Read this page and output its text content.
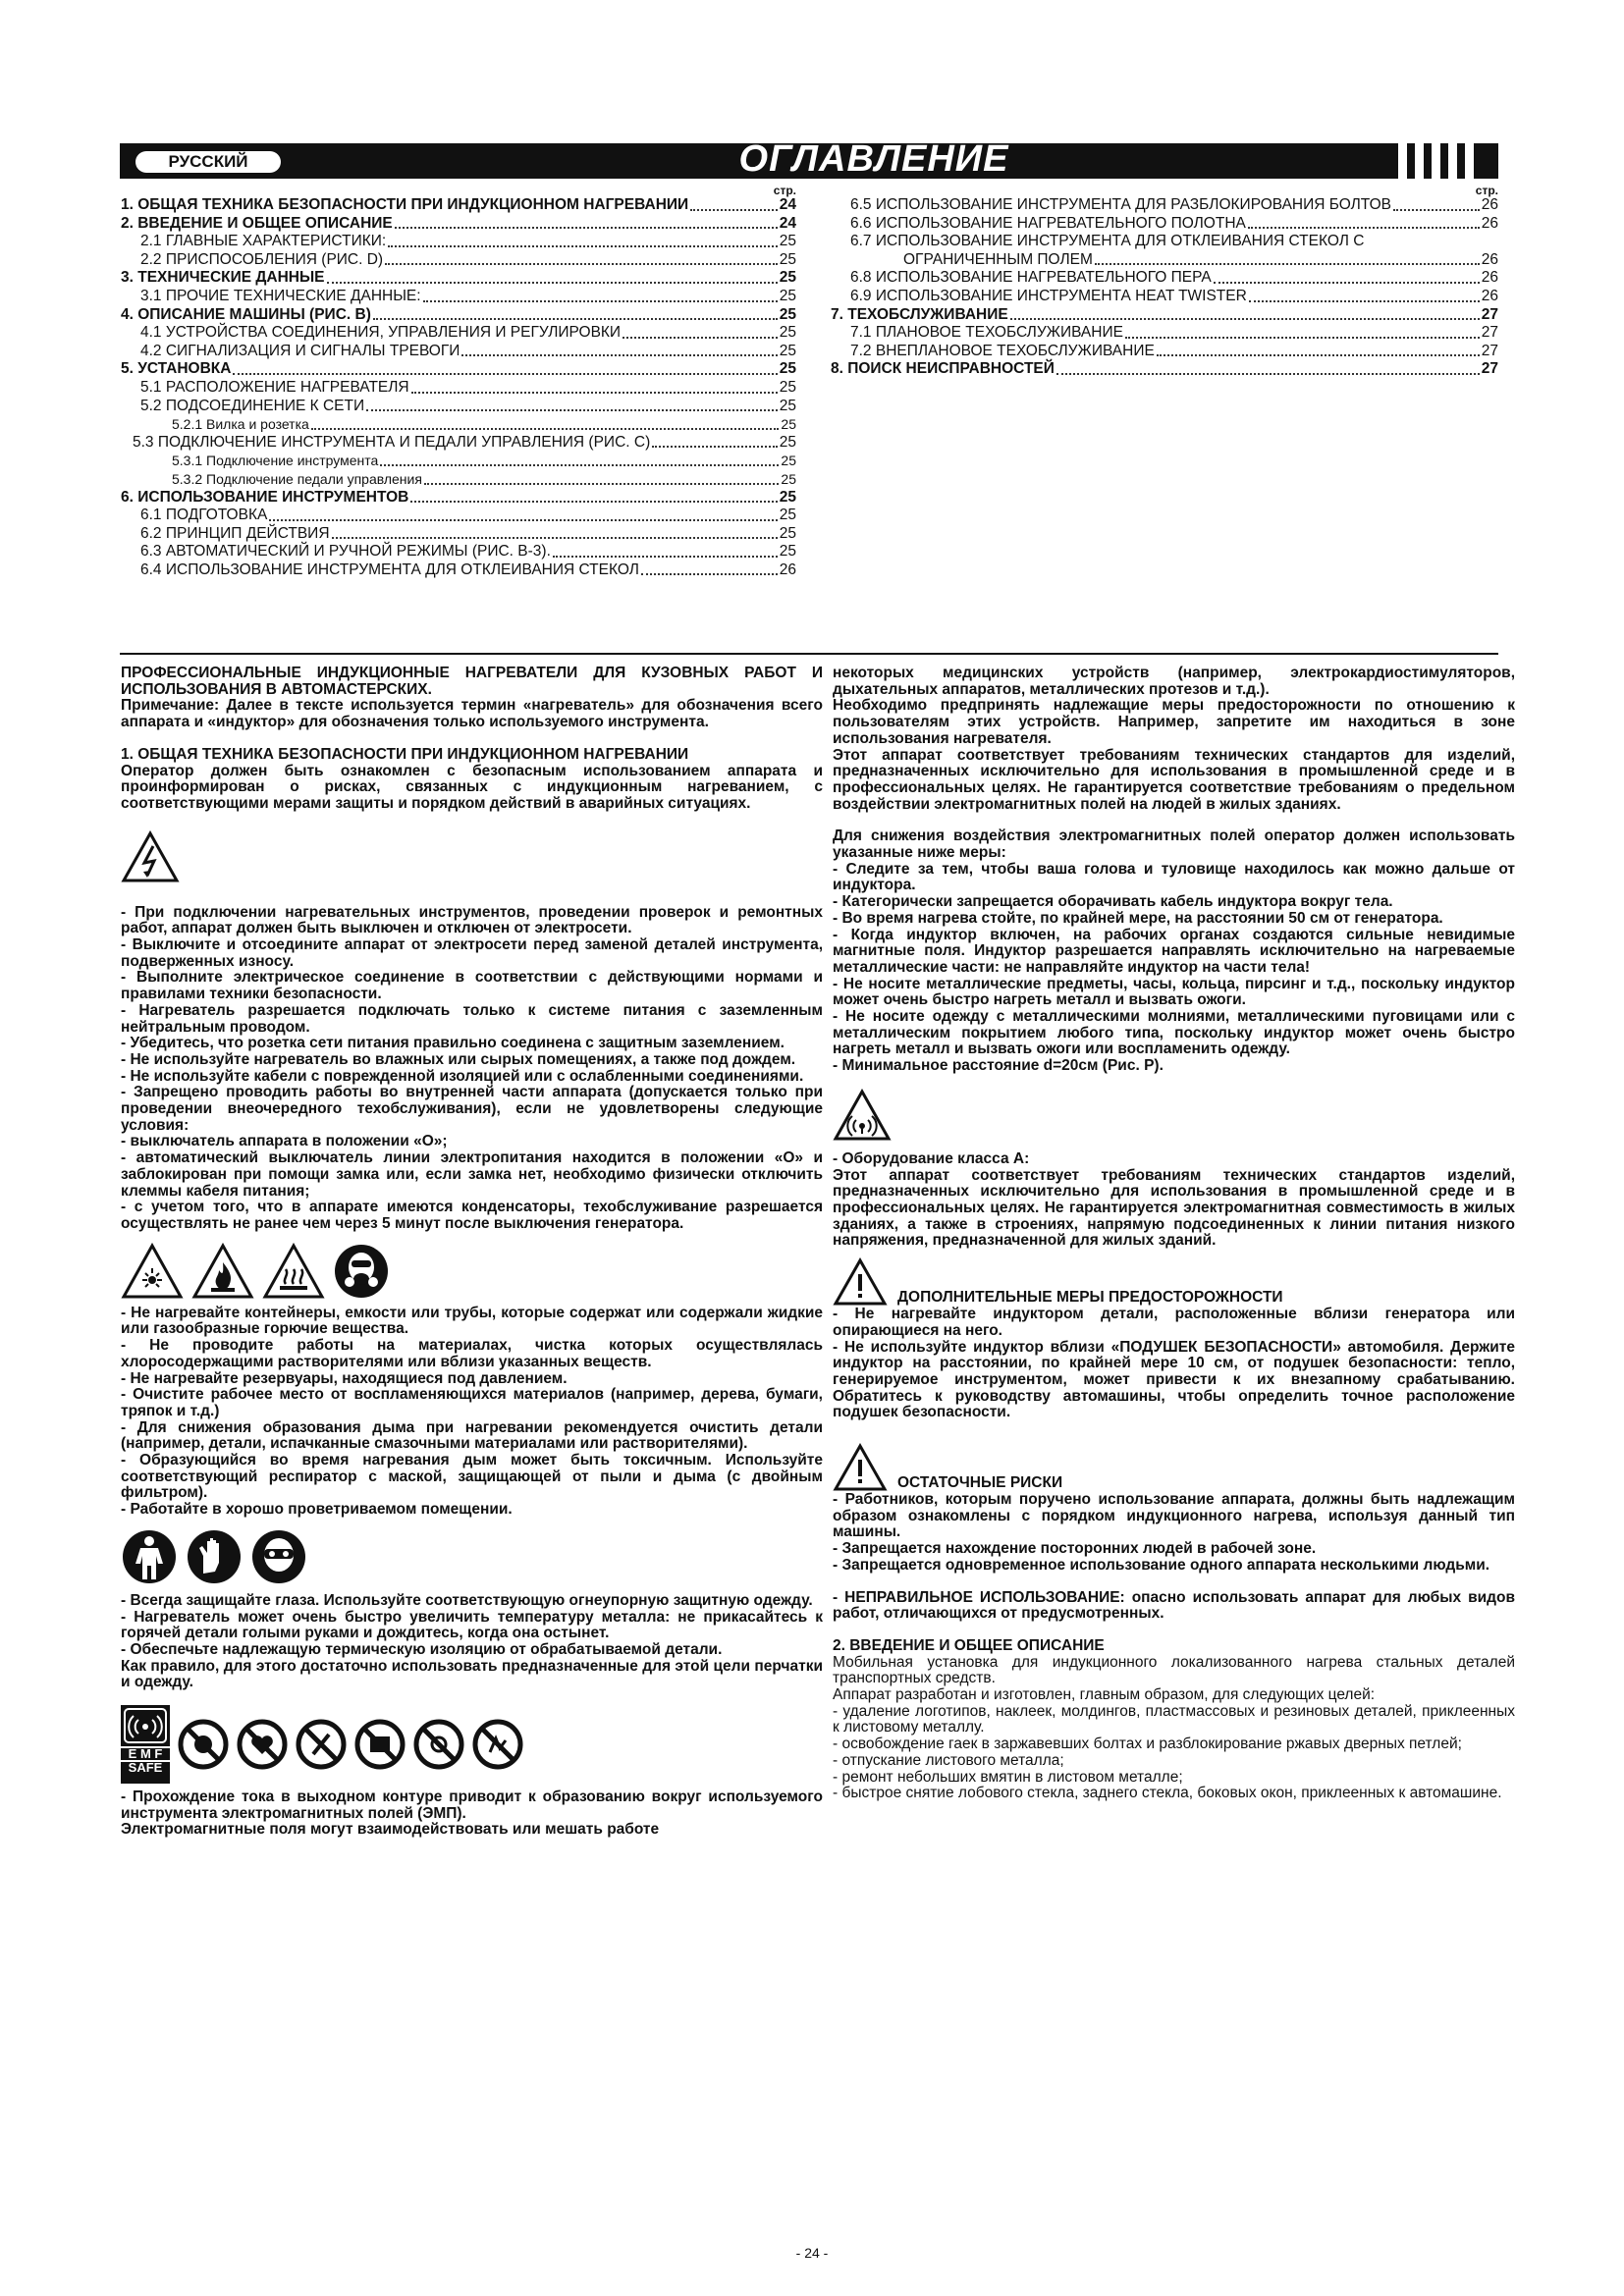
РУССКИЙ	ОГЛАВЛЕНИЕ
стр.
1. ОБЩАЯ ТЕХНИКА БЕЗОПАСНОСТИ ПРИ ИНДУКЦИОННОМ НАГРЕВАНИИ	24
2. ВВЕДЕНИЕ И ОБЩЕЕ ОПИСАНИЕ	24
2.1 ГЛАВНЫЕ ХАРАКТЕРИСТИКИ:	25
2.2 ПРИСПОСОБЛЕНИЯ (РИС. D)	25
3. ТЕХНИЧЕСКИЕ ДАННЫЕ	25
3.1 ПРОЧИЕ ТЕХНИЧЕСКИЕ ДАННЫЕ:	25
4. ОПИСАНИЕ МАШИНЫ (РИС. B)	25
4.1 УСТРОЙСТВА СОЕДИНЕНИЯ, УПРАВЛЕНИЯ И РЕГУЛИРОВКИ	25
4.2 СИГНАЛИЗАЦИЯ И СИГНАЛЫ ТРЕВОГИ	25
5. УСТАНОВКА	25
5.1 РАСПОЛОЖЕНИЕ НАГРЕВАТЕЛЯ	25
5.2 ПОДСОЕДИНЕНИЕ К СЕТИ	25
5.2.1 Вилка и розетка	25
5.3 ПОДКЛЮЧЕНИЕ ИНСТРУМЕНТА И ПЕДАЛИ УПРАВЛЕНИЯ (РИС. C)	25
5.3.1 Подключение инструмента	25
5.3.2 Подключение педали управления	25
6. ИСПОЛЬЗОВАНИЕ ИНСТРУМЕНТОВ	25
6.1 ПОДГОТОВКА	25
6.2 ПРИНЦИП ДЕЙСТВИЯ	25
6.3 АВТОМАТИЧЕСКИЙ И РУЧНОЙ РЕЖИМЫ (РИС. B-3).	25
6.4 ИСПОЛЬЗОВАНИЕ ИНСТРУМЕНТА ДЛЯ ОТКЛЕИВАНИЯ СТЕКОЛ	26
стр.
6.5 ИСПОЛЬЗОВАНИЕ ИНСТРУМЕНТА ДЛЯ РАЗБЛОКИРОВАНИЯ БОЛТОВ	26
6.6 ИСПОЛЬЗОВАНИЕ НАГРЕВАТЕЛЬНОГО ПОЛОТНА	26
6.7 ИСПОЛЬЗОВАНИЕ ИНСТРУМЕНТА ДЛЯ ОТКЛЕИВАНИЯ СТЕКОЛ С
ОГРАНИЧЕННЫМ ПОЛЕМ	26
6.8 ИСПОЛЬЗОВАНИЕ НАГРЕВАТЕЛЬНОГО ПЕРА	26
6.9 ИСПОЛЬЗОВАНИЕ ИНСТРУМЕНТА HEAT TWISTER	26
7. ТЕХОБСЛУЖИВАНИЕ	27
7.1 ПЛАНОВОЕ ТЕХОБСЛУЖИВАНИЕ	27
7.2 ВНЕПЛАНОВОЕ ТЕХОБСЛУЖИВАНИЕ	27
8. ПОИСК НЕИСПРАВНОСТЕЙ	27

ПРОФЕССИОНАЛЬНЫЕ ИНДУКЦИОННЫЕ НАГРЕВАТЕЛИ ДЛЯ КУЗОВНЫХ РАБОТ И ИСПОЛЬЗОВАНИЯ В АВТОМАСТЕРСКИХ.

Примечание: Далее в тексте используется термин «нагреватель» для обозначения всего аппарата и «индуктор» для обозначения только используемого инструмента.

1. ОБЩАЯ ТЕХНИКА БЕЗОПАСНОСТИ ПРИ ИНДУКЦИОННОМ НАГРЕВАНИИ

Оператор должен быть ознакомлен с безопасным использованием аппарата и проинформирован о рисках, связанных с индукционным нагреванием, с соответствующими мерами защиты и порядком действий в аварийных ситуациях.

- При подключении нагревательных инструментов, проведении проверок и ремонтных работ, аппарат должен быть выключен и отключен от электросети.

- Выключите и отсоедините аппарат от электросети перед заменой деталей инструмента, подверженных износу.

- Выполните электрическое соединение в соответствии с действующими нормами и правилами техники безопасности.

- Нагреватель разрешается подключать только к системе питания с заземленным нейтральным проводом.

- Убедитесь, что розетка сети питания правильно соединена с защитным заземлением.

- Не используйте нагреватель во влажных или сырых помещениях, а также под дождем.

- Не используйте кабели с поврежденной изоляцией или с ослабленными соединениями.

- Запрещено проводить работы во внутренней части аппарата (допускается только при проведении внеочередного техобслуживания), если не удовлетворены следующие условия:

- выключатель аппарата в положении «О»;

- автоматический выключатель линии электропитания находится в положении «О» и заблокирован при помощи замка или, если замка нет, необходимо физически отключить клеммы кабеля питания;

- с учетом того, что в аппарате имеются конденсаторы, техобслуживание разрешается осуществлять не ранее чем через 5 минут после выключения генератора.

- Не нагревайте контейнеры, емкости или трубы, которые содержат или содержали жидкие или газообразные горючие вещества.

- Не проводите работы на материалах, чистка которых осуществлялась хлоросодержащими растворителями или вблизи указанных веществ.

- Не нагревайте резервуары, находящиеся под давлением.

- Очистите рабочее место от воспламеняющихся материалов (например, дерева, бумаги, тряпок и т.д.)

- Для снижения образования дыма при нагревании рекомендуется очистить детали (например, детали, испачканные смазочными материалами или растворителями).

- Образующийся во время нагревания дым может быть токсичным. Используйте соответствующий респиратор с маской, защищающей от пыли и дыма (с двойным фильтром).

- Работайте в хорошо проветриваемом помещении.

- Всегда защищайте глаза. Используйте соответствующую огнеупорную защитную одежду.

- Нагреватель может очень быстро увеличить температуру металла: не прикасайтесь к горячей детали голыми руками и дождитесь, когда она остынет.

- Обеспечьте надлежащую термическую изоляцию от обрабатываемой детали.

Как правило, для этого достаточно использовать предназначенные для этой цели перчатки и одежду.

E M F
SAFE

- Прохождение тока в выходном контуре приводит к образованию вокруг используемого инструмента электромагнитных полей (ЭМП).

Электромагнитные поля могут взаимодействовать или мешать работе

некоторых медицинских устройств (например, электрокардиостимуляторов, дыхательных аппаратов, металлических протезов и т.д.).

Необходимо предпринять надлежащие меры предосторожности по отношению к пользователям этих устройств. Например, запретите им находиться в зоне использования нагревателя.

Этот аппарат соответствует требованиям технических стандартов для изделий, предназначенных исключительно для использования в промышленной среде и в профессиональных целях. Не гарантируется соответствие требованиям о предельном воздействии электромагнитных полей на людей в жилых зданиях.

Для снижения воздействия электромагнитных полей оператор должен использовать указанные ниже меры:

- Следите за тем, чтобы ваша голова и туловище находилось как можно дальше от индуктора.

- Категорически запрещается оборачивать кабель индуктора вокруг тела.

- Во время нагрева стойте, по крайней мере, на расстоянии 50 см от генератора.

- Когда индуктор включен, на рабочих органах создаются сильные невидимые магнитные поля. Индуктор разрешается направлять исключительно на нагреваемые металлические части: не направляйте индуктор на части тела!

- Не носите металлические предметы, часы, кольца, пирсинг и т.д., поскольку индуктор может очень быстро нагреть металл и вызвать ожоги.

- Не носите одежду с металлическими молниями, металлическими пуговицами или с металлическим покрытием любого типа, поскольку индуктор может очень быстро нагреть металл и вызвать ожоги или воспламенить одежду.

- Минимальное расстояние d=20см (Рис. P).

- Оборудование класса А:

Этот аппарат соответствует требованиям технических стандартов изделий, предназначенных исключительно для использования в промышленной среде и в профессиональных целях. Не гарантируется электромагнитная совместимость в жилых зданиях, а также в строениях, напрямую подсоединенных к линии питания низкого напряжения, предназначенной для жилых зданий.

ДОПОЛНИТЕЛЬНЫЕ МЕРЫ ПРЕДОСТОРОЖНОСТИ

- Не нагревайте индуктором детали, расположенные вблизи генератора или опирающиеся на него.

- Не используйте индуктор вблизи «ПОДУШЕК БЕЗОПАСНОСТИ» автомобиля. Держите индуктор на расстоянии, по крайней мере 10 см, от подушек безопасности: тепло, генерируемое инструментом, может привести к их внезапному срабатыванию. Обратитесь к руководству автомашины, чтобы определить точное расположение подушек безопасности.

ОСТАТОЧНЫЕ РИСКИ

- Работников, которым поручено использование аппарата, должны быть надлежащим образом ознакомлены с порядком индукционного нагрева, используя данный тип машины.

- Запрещается нахождение посторонних людей в рабочей зоне.

- Запрещается одновременное использование одного аппарата несколькими людьми.

- НЕПРАВИЛЬНОЕ ИСПОЛЬЗОВАНИЕ: опасно использовать аппарат для любых видов работ, отличающихся от предусмотренных.

2. ВВЕДЕНИЕ И ОБЩЕЕ ОПИСАНИЕ

Мобильная установка для индукционного локализованного нагрева стальных деталей транспортных средств.

Аппарат разработан и изготовлен, главным образом, для следующих целей:

- удаление логотипов, наклеек, молдингов, пластмассовых и резиновых деталей, приклеенных к листовому металлу.

- освобождение гаек в заржавевших болтах и разблокирование ржавых дверных петлей;

- отпускание листового металла;

- ремонт небольших вмятин в листовом металле;

- быстрое снятие лобового стекла, заднего стекла, боковых окон, приклеенных к автомашине.

- 24 -
